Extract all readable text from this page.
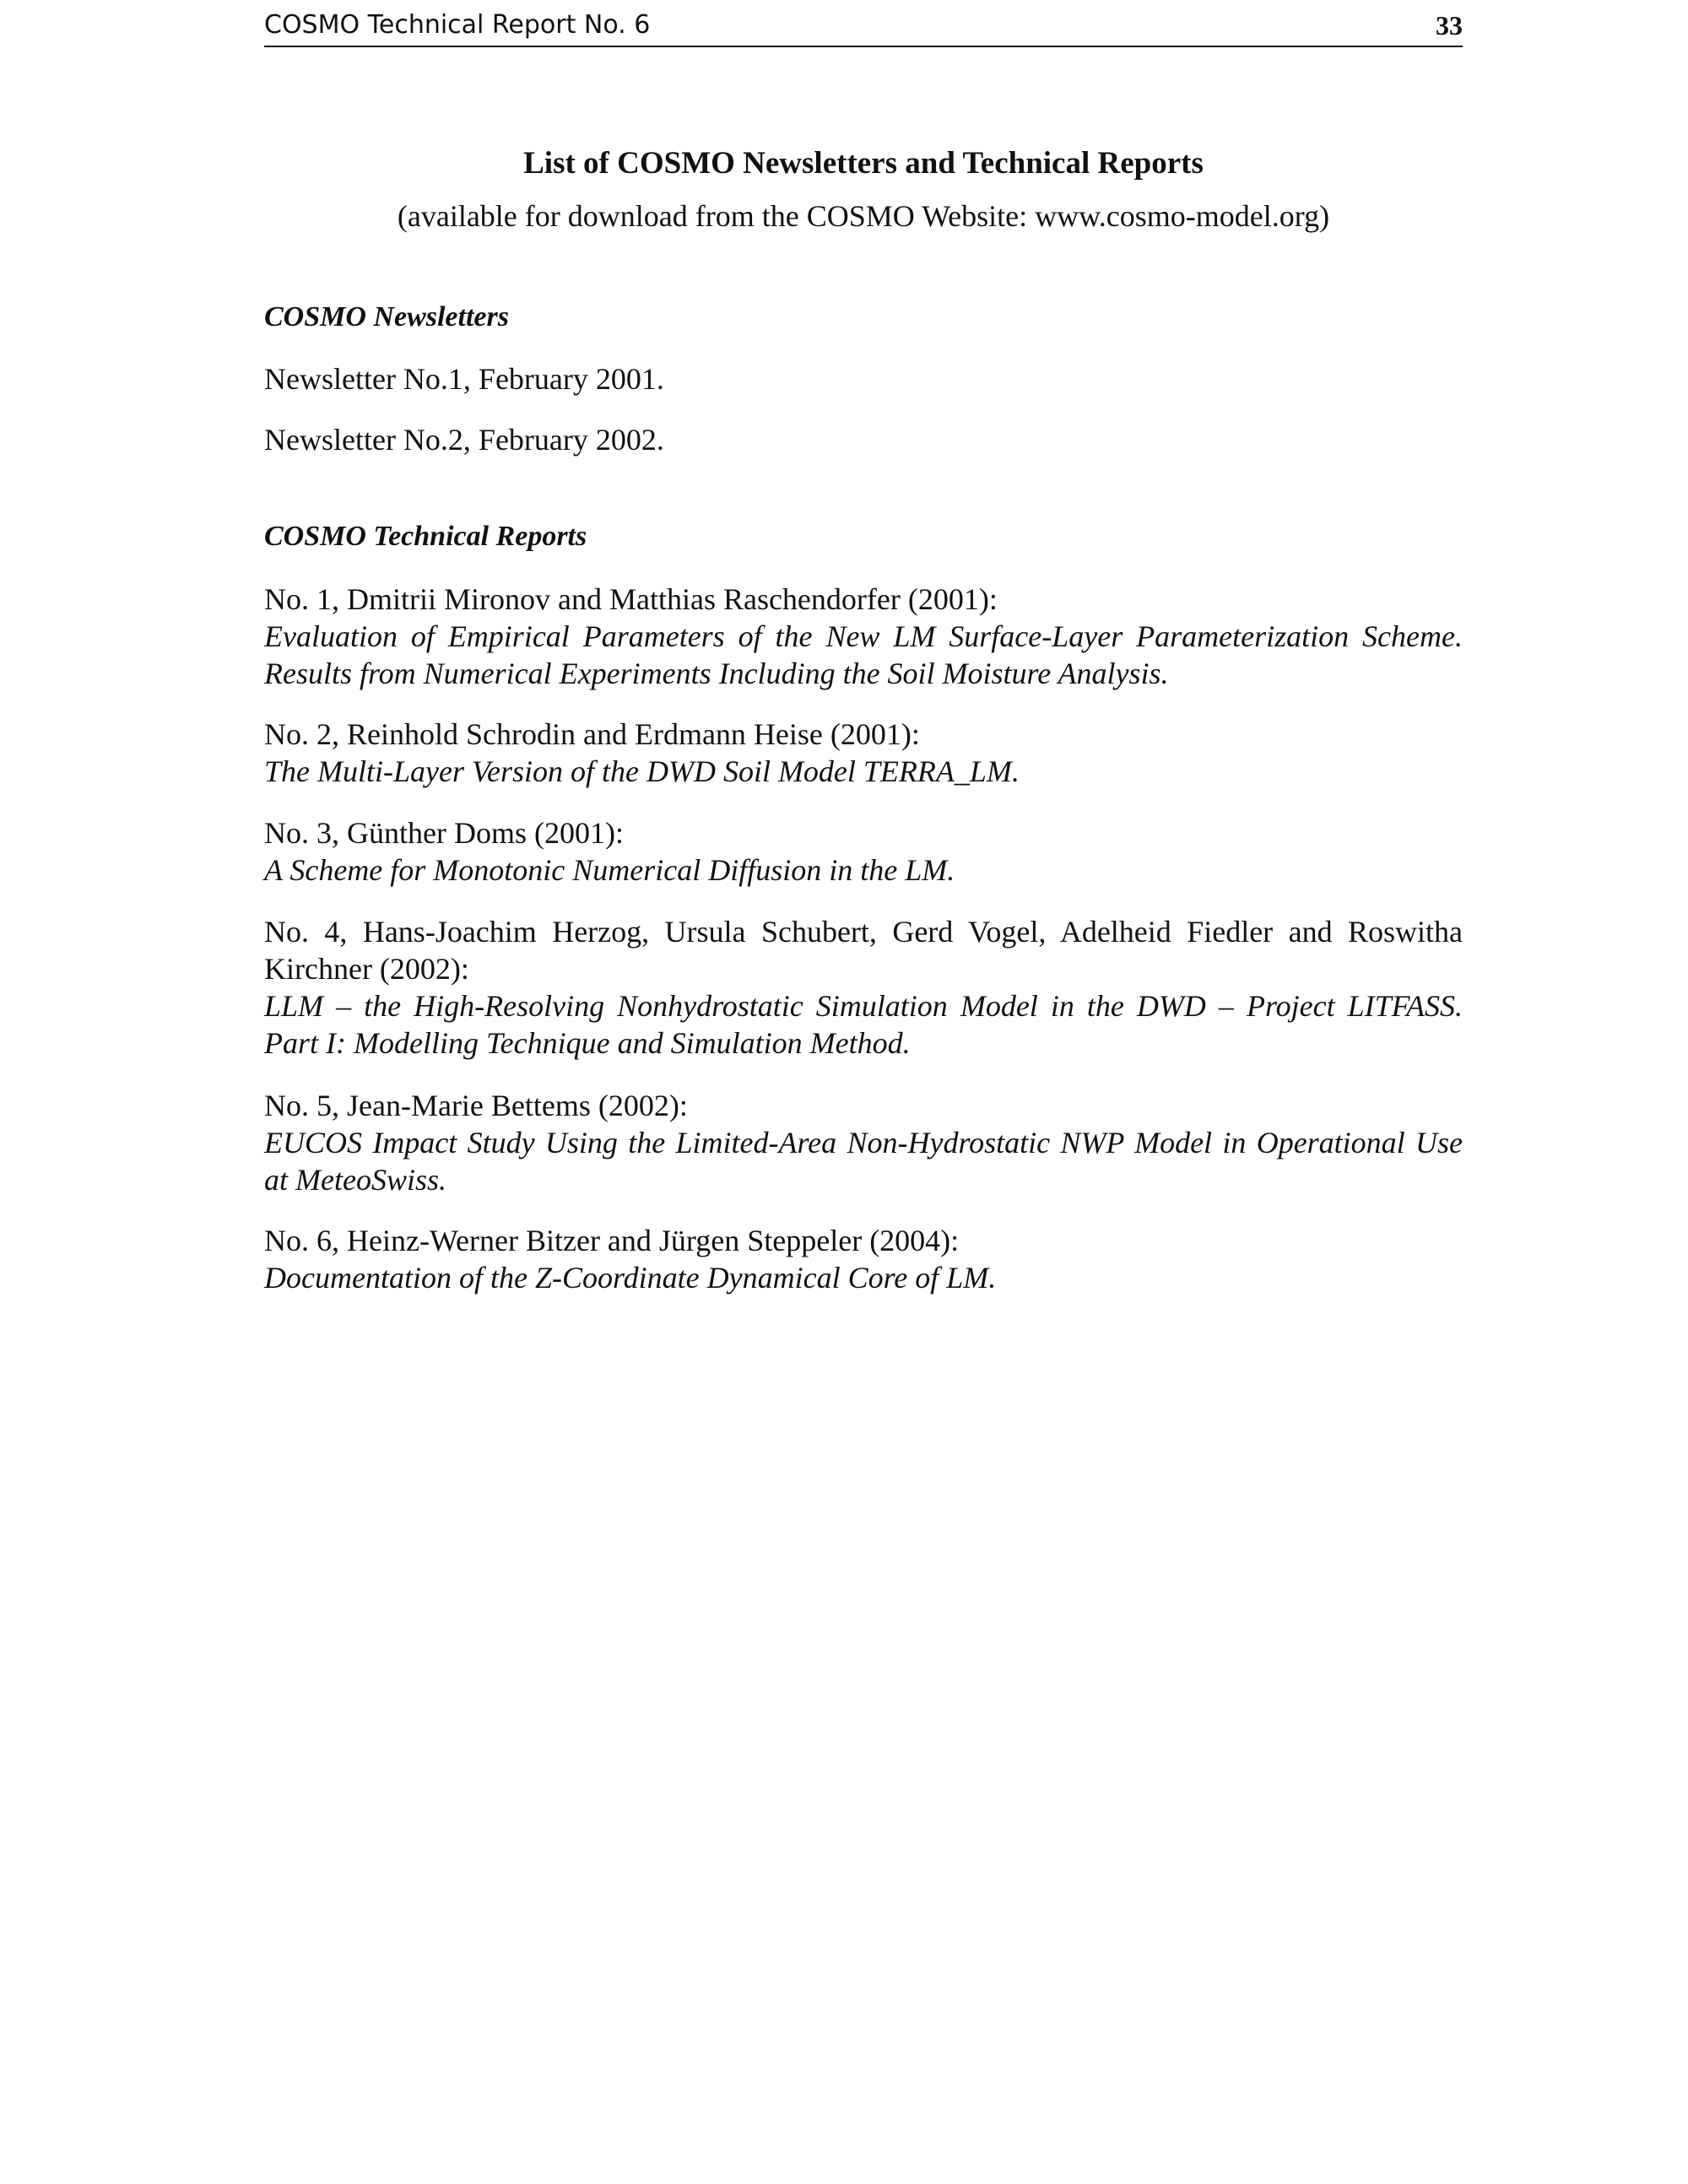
COSMO Technical Report No. 6	33
List of COSMO Newsletters and Technical Reports
(available for download from the COSMO Website: www.cosmo-model.org)
COSMO Newsletters
Newsletter No.1, February 2001.
Newsletter No.2, February 2002.
COSMO Technical Reports
No. 1, Dmitrii Mironov and Matthias Raschendorfer (2001):
Evaluation of Empirical Parameters of the New LM Surface-Layer Parameterization Scheme. Results from Numerical Experiments Including the Soil Moisture Analysis.
No. 2, Reinhold Schrodin and Erdmann Heise (2001):
The Multi-Layer Version of the DWD Soil Model TERRA_LM.
No. 3, Günther Doms (2001):
A Scheme for Monotonic Numerical Diffusion in the LM.
No. 4, Hans-Joachim Herzog, Ursula Schubert, Gerd Vogel, Adelheid Fiedler and Roswitha Kirchner (2002):
LLM – the High-Resolving Nonhydrostatic Simulation Model in the DWD – Project LITFASS. Part I: Modelling Technique and Simulation Method.
No. 5, Jean-Marie Bettems (2002):
EUCOS Impact Study Using the Limited-Area Non-Hydrostatic NWP Model in Operational Use at MeteoSwiss.
No. 6, Heinz-Werner Bitzer and Jürgen Steppeler (2004):
Documentation of the Z-Coordinate Dynamical Core of LM.
